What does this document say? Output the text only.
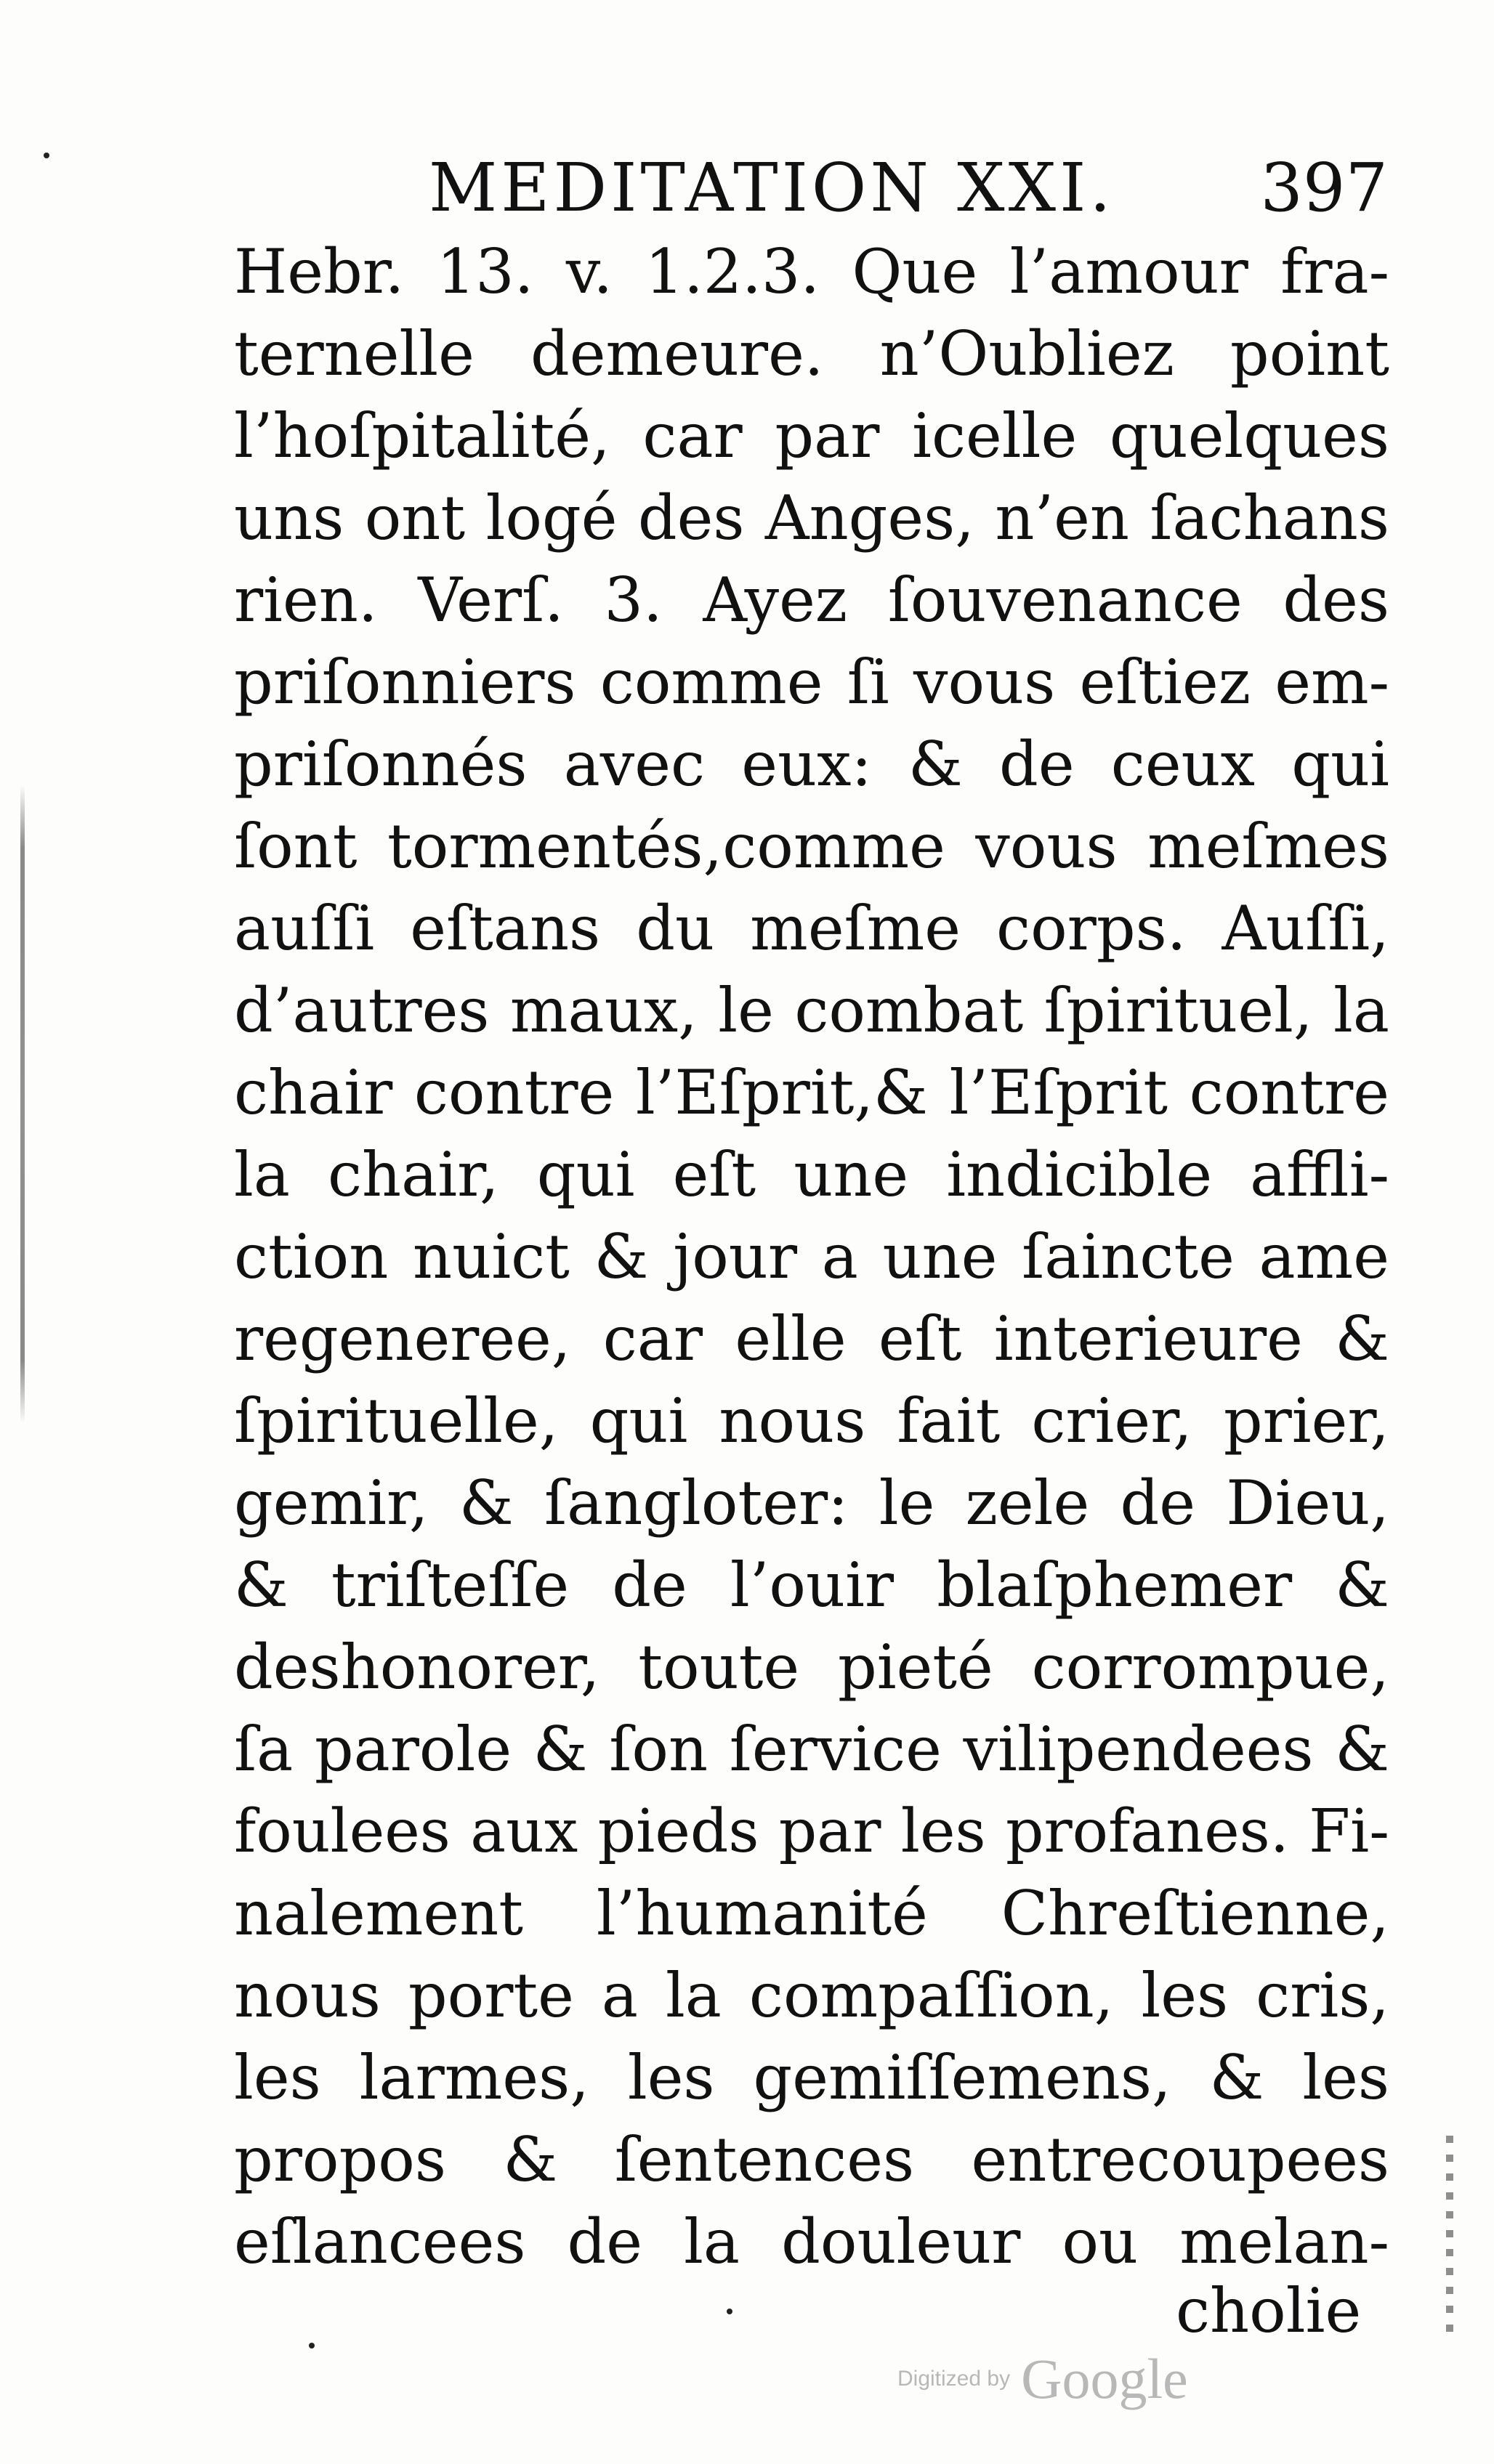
MEDITATION XXI. 397
Hebr. 13. v. 1.2.3. Que l’amour fra-
ternelle demeure. n’Oubliez point
l’hoſpitalité, car par icelle quelques
uns ont logé des Anges, n’en ſachans
rien. Verſ. 3. Ayez ſouvenance des
priſonniers comme ſi vous eſtiez em-
priſonnés avec eux: & de ceux qui
ſont tormentés,comme vous meſmes
auſſi eſtans du meſme corps. Auſſi,
d’autres maux, le combat ſpirituel, la
chair contre l’Eſprit,& l’Eſprit contre
la chair, qui eſt une indicible affli-
ction nuict & jour a une ſaincte ame
regeneree, car elle eſt interieure &
ſpirituelle, qui nous fait crier, prier,
gemir, & ſangloter: le zele de Dieu,
& triſteſſe de l’ouir blaſphemer &
deshonorer, toute pieté corrompue,
ſa parole & ſon ſervice vilipendees &
foulees aux pieds par les profanes. Fi-
nalement l’humanité Chreſtienne,
nous porte a la compaſſion, les cris,
les larmes, les gemiſſemens, & les
propos & ſentences entrecoupees
eſlancees de la douleur ou melan-
cholie
Digitized by Google
